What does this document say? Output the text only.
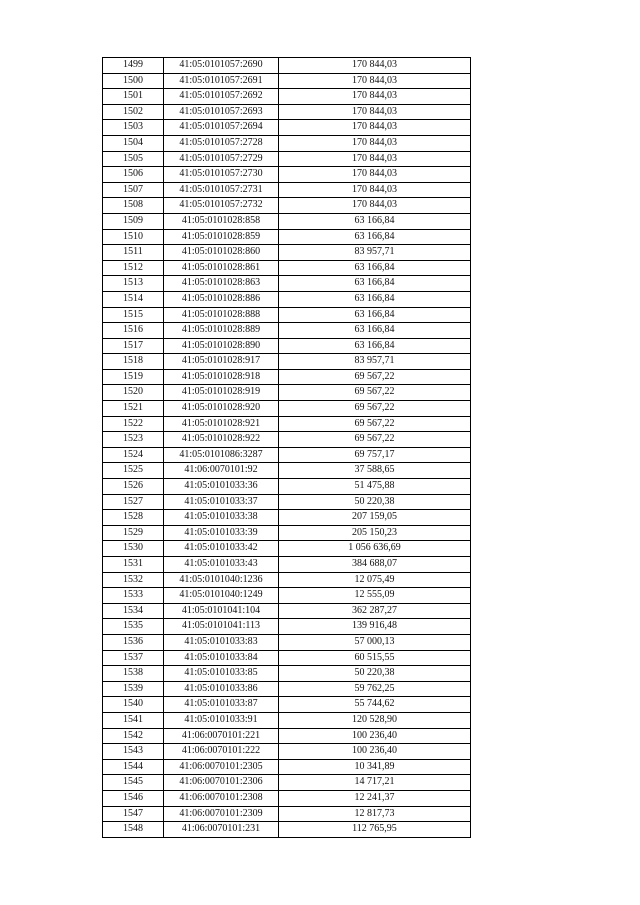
1499	41:05:0101057:2690	170 844,03
1500	41:05:0101057:2691	170 844,03
1501	41:05:0101057:2692	170 844,03
1502	41:05:0101057:2693	170 844,03
1503	41:05:0101057:2694	170 844,03
1504	41:05:0101057:2728	170 844,03
1505	41:05:0101057:2729	170 844,03
1506	41:05:0101057:2730	170 844,03
1507	41:05:0101057:2731	170 844,03
1508	41:05:0101057:2732	170 844,03
1509	41:05:0101028:858	63 166,84
1510	41:05:0101028:859	63 166,84
1511	41:05:0101028:860	83 957,71
1512	41:05:0101028:861	63 166,84
1513	41:05:0101028:863	63 166,84
1514	41:05:0101028:886	63 166,84
1515	41:05:0101028:888	63 166,84
1516	41:05:0101028:889	63 166,84
1517	41:05:0101028:890	63 166,84
1518	41:05:0101028:917	83 957,71
1519	41:05:0101028:918	69 567,22
1520	41:05:0101028:919	69 567,22
1521	41:05:0101028:920	69 567,22
1522	41:05:0101028:921	69 567,22
1523	41:05:0101028:922	69 567,22
1524	41:05:0101086:3287	69 757,17
1525	41:06:0070101:92	37 588,65
1526	41:05:0101033:36	51 475,88
1527	41:05:0101033:37	50 220,38
1528	41:05:0101033:38	207 159,05
1529	41:05:0101033:39	205 150,23
1530	41:05:0101033:42	1 056 636,69
1531	41:05:0101033:43	384 688,07
1532	41:05:0101040:1236	12 075,49
1533	41:05:0101040:1249	12 555,09
1534	41:05:0101041:104	362 287,27
1535	41:05:0101041:113	139 916,48
1536	41:05:0101033:83	57 000,13
1537	41:05:0101033:84	60 515,55
1538	41:05:0101033:85	50 220,38
1539	41:05:0101033:86	59 762,25
1540	41:05:0101033:87	55 744,62
1541	41:05:0101033:91	120 528,90
1542	41:06:0070101:221	100 236,40
1543	41:06:0070101:222	100 236,40
1544	41:06:0070101:2305	10 341,89
1545	41:06:0070101:2306	14 717,21
1546	41:06:0070101:2308	12 241,37
1547	41:06:0070101:2309	12 817,73
1548	41:06:0070101:231	112 765,95
